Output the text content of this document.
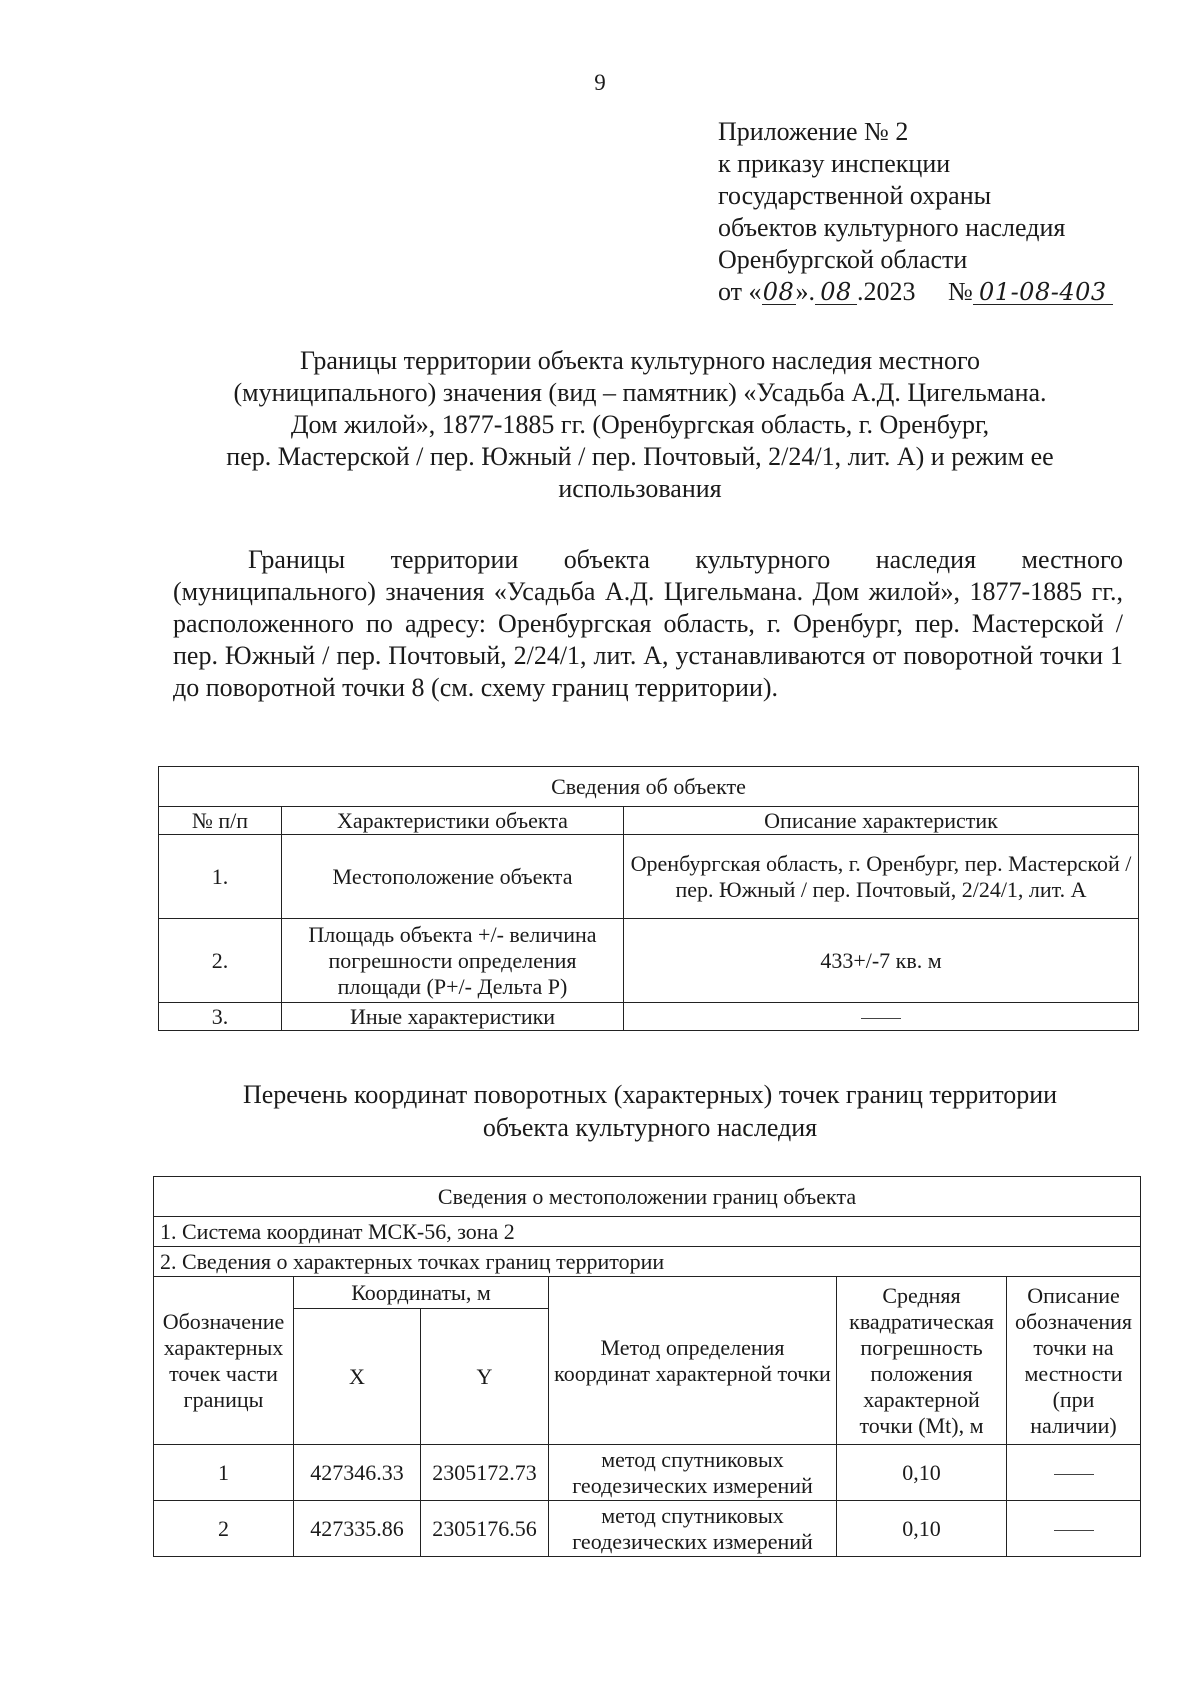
9
Приложение № 2
к приказу инспекции
государственной охраны
объектов культурного наследия
Оренбургской области
от «08». 08 .2023 № 01-08-403
Границы территории объекта культурного наследия местного
(муниципального) значения (вид – памятник) «Усадьба А.Д. Цигельмана.
Дом жилой», 1877-1885 гг. (Оренбургская область, г. Оренбург,
пер. Мастерской / пер. Южный / пер. Почтовый, 2/24/1, лит. А) и режим ее
использования

Границы территории объекта культурного наследия местного (муниципального) значения «Усадьба А.Д. Цигельмана. Дом жилой», 1877-1885 гг., расположенного по адресу: Оренбургская область, г. Оренбург, пер. Мастерской / пер. Южный / пер. Почтовый, 2/24/1, лит. А, устанавливаются от поворотной точки 1 до поворотной точки 8 (см. схему границ территории).

Сведения об объекте		
№ п/п	Характеристики объекта	Описание характеристик
1.	Местоположение объекта	Оренбургская область, г. Оренбург, пер. Мастерской / пер. Южный / пер. Почтовый, 2/24/1, лит. А
2.	Площадь объекта +/- величина погрешности определения площади (Р+/- Дельта Р)	433+/-7 кв. м
3.	Иные характеристики	
Перечень координат поворотных (характерных) точек границ территории
объекта культурного наследия
Сведения о местоположении границ объекта					
1. Система координат МСК-56, зона 2					
2. Сведения о характерных точках границ территории					
Обозначение характерных точек части границы	Координаты, м		Метод определения координат характерной точки	Средняя квадратическая погрешность положения характерной точки (Mt), м	Описание обозначения точки на местности (при наличии)
	X	Y			
1	427346.33	2305172.73	метод спутниковых геодезических измерений	0,10	
2	427335.86	2305176.56	метод спутниковых геодезических измерений	0,10	
